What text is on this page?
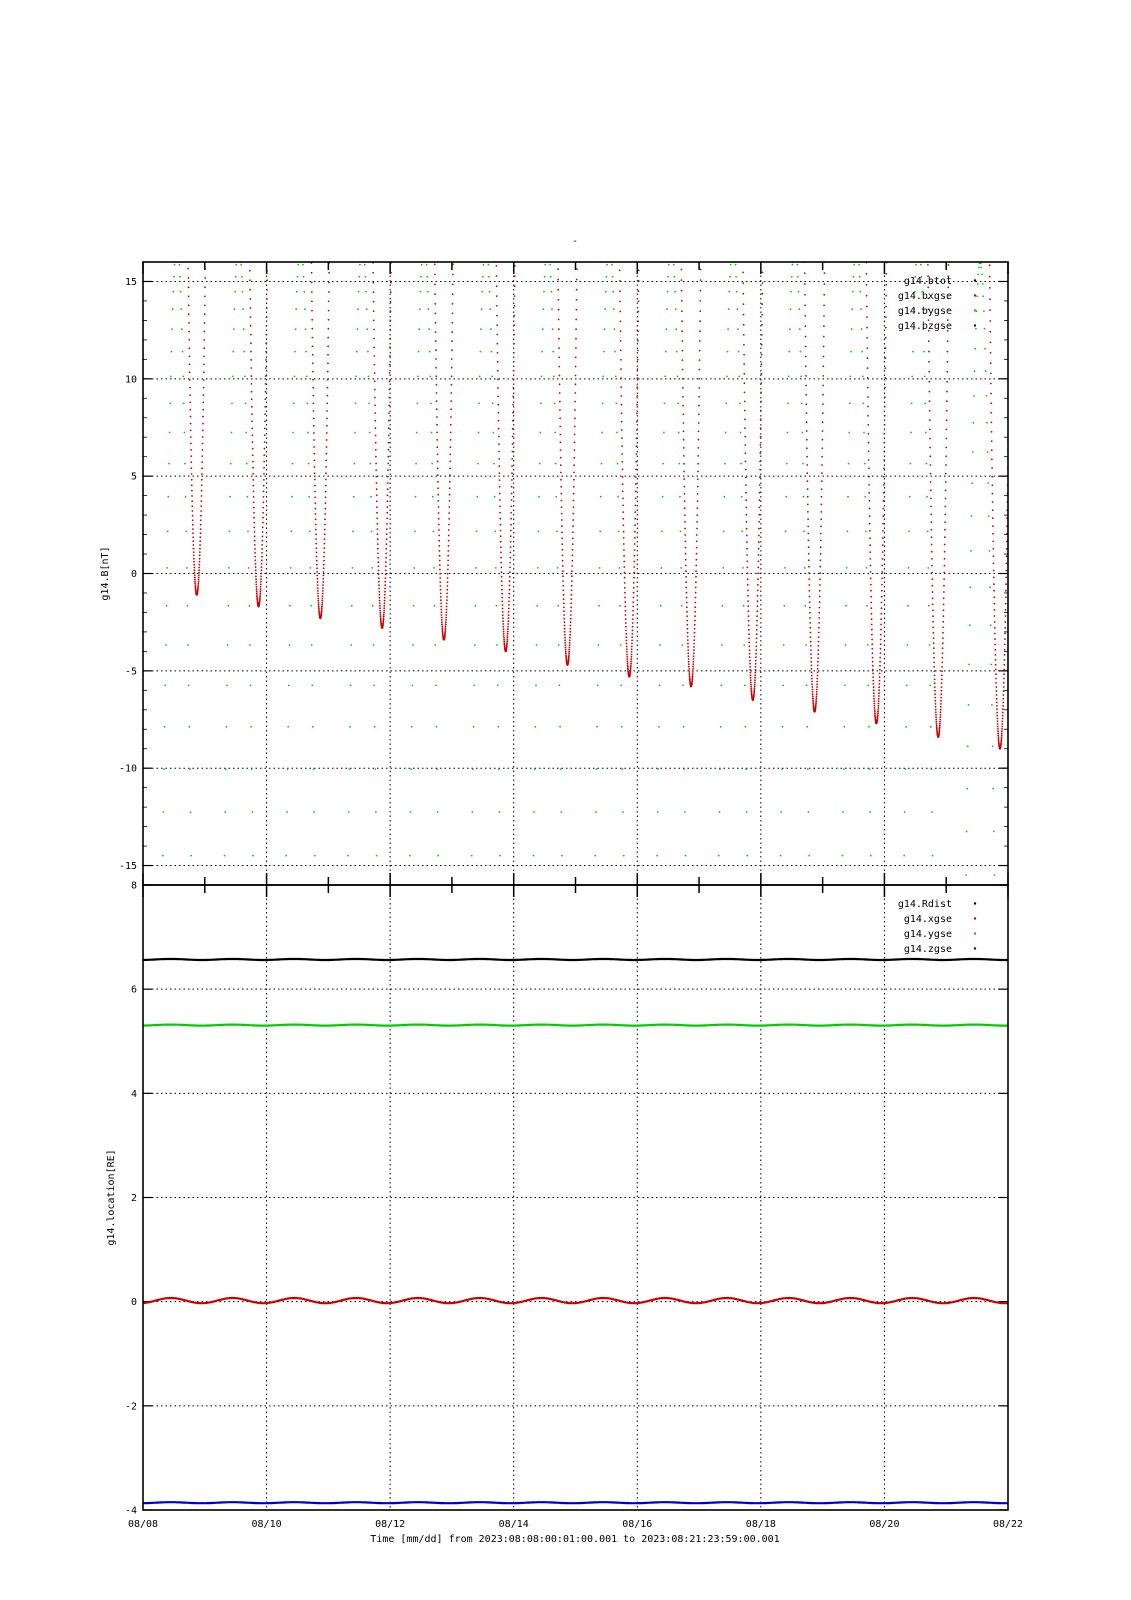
-
15
10
5
0
-5
-10
-15
g14.B[nT]
g14.btot
g14.bxgse
g14.bygse
g14.bzgse
8
6
4
2
0
-2
-4
g14.location[RE]
g14.Rdist
g14.xgse
g14.ygse
g14.zgse
08/08	08/10	08/12	08/14	08/16	08/18	08/20	08/22
Time [mm/dd] from 2023:08:08:00:01:00.001 to 2023:08:21:23:59:00.001
